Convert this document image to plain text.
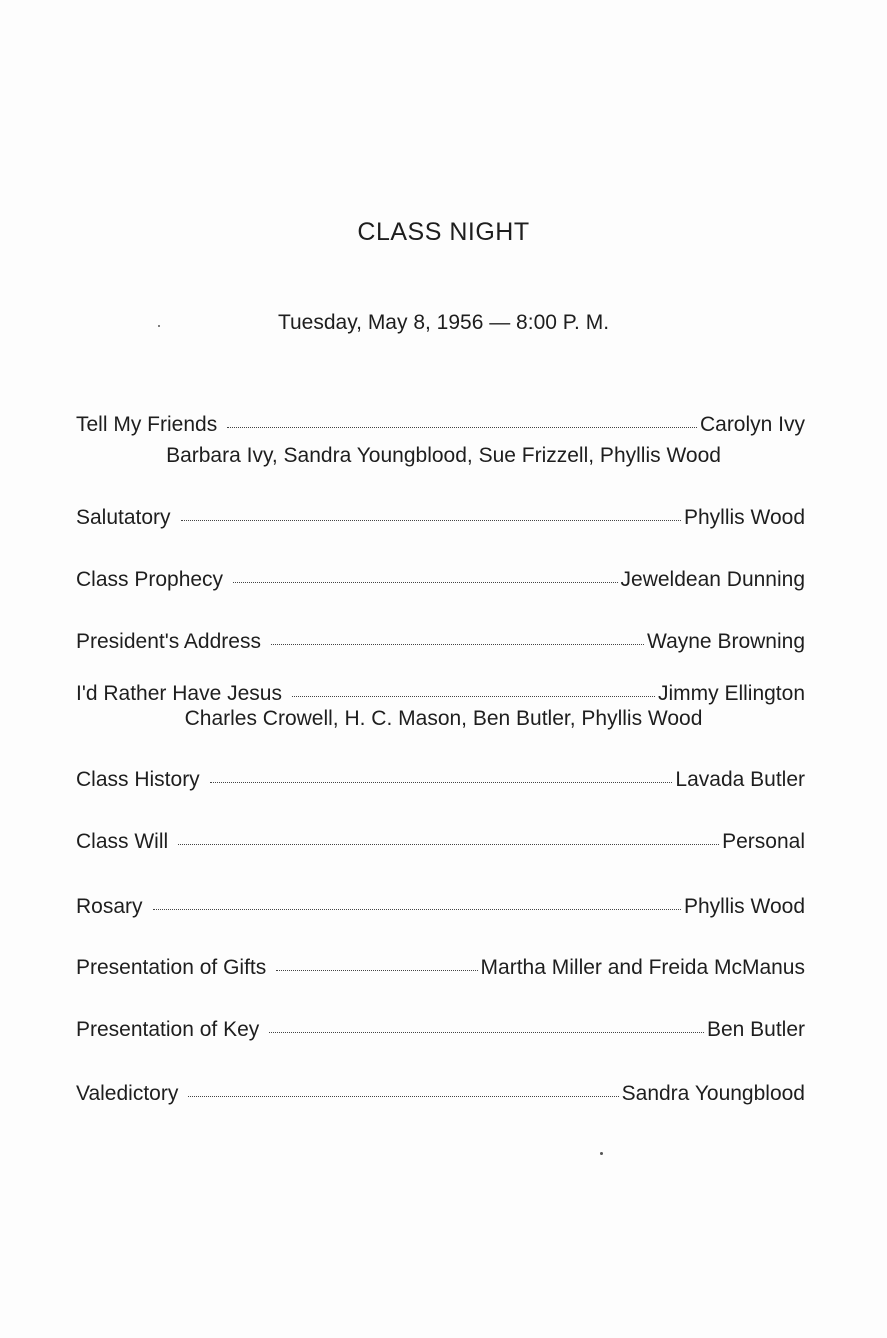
CLASS NIGHT
Tuesday, May 8, 1956 — 8:00 P. M.
Tell My Friends	Carolyn Ivy
Barbara Ivy, Sandra Youngblood, Sue Frizzell, Phyllis Wood
Salutatory	Phyllis Wood
Class Prophecy	Jeweldean Dunning
President's Address	Wayne Browning
I'd Rather Have Jesus	Jimmy Ellington
Charles Crowell, H. C. Mason, Ben Butler, Phyllis Wood
Class History	Lavada Butler
Class Will	Personal
Rosary	Phyllis Wood
Presentation of Gifts	Martha Miller and Freida McManus
Presentation of Key	Ben Butler
Valedictory	Sandra Youngblood
